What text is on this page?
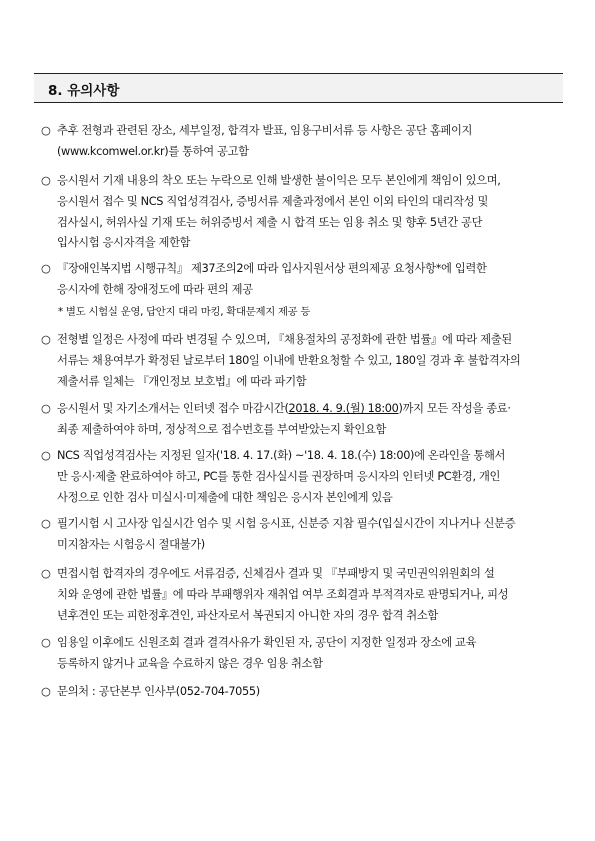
8. 유의사항
○ 추후 전형과 관련된 장소, 세부일정, 합격자 발표, 임용구비서류 등 사항은 공단 홈페이지
(www.kcomwel.or.kr)를 통하여 공고함
○ 응시원서 기재 내용의 착오 또는 누락으로 인해 발생한 불이익은 모두 본인에게 책임이 있으며,
응시원서 접수 및 NCS 직업성격검사, 증빙서류 제출과정에서 본인 이외 타인의 대리작성 및
검사실시, 허위사실 기재 또는 허위증빙서 제출 시 합격 또는 임용 취소 및 향후 5년간 공단
입사시험 응시자격을 제한함
○ 『장애인복지법 시행규칙』 제37조의2에 따라 입사지원서상 편의제공 요청사항*에 입력한
응시자에 한해 장애정도에 따라 편의 제공
* 별도 시험실 운영, 답안지 대리 마킹, 확대문제지 제공 등
○ 전형별 일정은 사정에 따라 변경될 수 있으며, 『채용절차의 공정화에 관한 법률』에 따라 제출된
서류는 채용여부가 확정된 날로부터 180일 이내에 반환요청할 수 있고, 180일 경과 후 불합격자의
제출서류 일체는 『개인정보 보호법』에 따라 파기함
○ 응시원서 및 자기소개서는 인터넷 접수 마감시간(2018. 4. 9.(월) 18:00)까지 모든 작성을 종료·
최종 제출하여야 하며, 정상적으로 접수번호를 부여받았는지 확인요함
○ NCS 직업성격검사는 지정된 일자('18. 4. 17.(화) ~'18. 4. 18.(수) 18:00)에 온라인을 통해서
만 응시·제출 완료하여야 하고, PC를 통한 검사실시를 권장하며 응시자의 인터넷 PC환경, 개인
사정으로 인한 검사 미실시·미제출에 대한 책임은 응시자 본인에게 있음
○ 필기시험 시 고사장 입실시간 엄수 및 시험 응시표, 신분증 지참 필수(입실시간이 지나거나 신분증
미지참자는 시험응시 절대불가)
○ 면접시험 합격자의 경우에도 서류검증, 신체검사 결과 및 『부패방지 및 국민권익위원회의 설
치와 운영에 관한 법률』에 따라 부패행위자 재취업 여부 조회결과 부적격자로 판명되거나, 피성
년후견인 또는 피한정후견인, 파산자로서 복권되지 아니한 자의 경우 합격 취소함
○ 임용일 이후에도 신원조회 결과 결격사유가 확인된 자, 공단이 지정한 일정과 장소에 교육
등록하지 않거나 교육을 수료하지 않은 경우 임용 취소함
○ 문의처 : 공단본부 인사부(052-704-7055)
